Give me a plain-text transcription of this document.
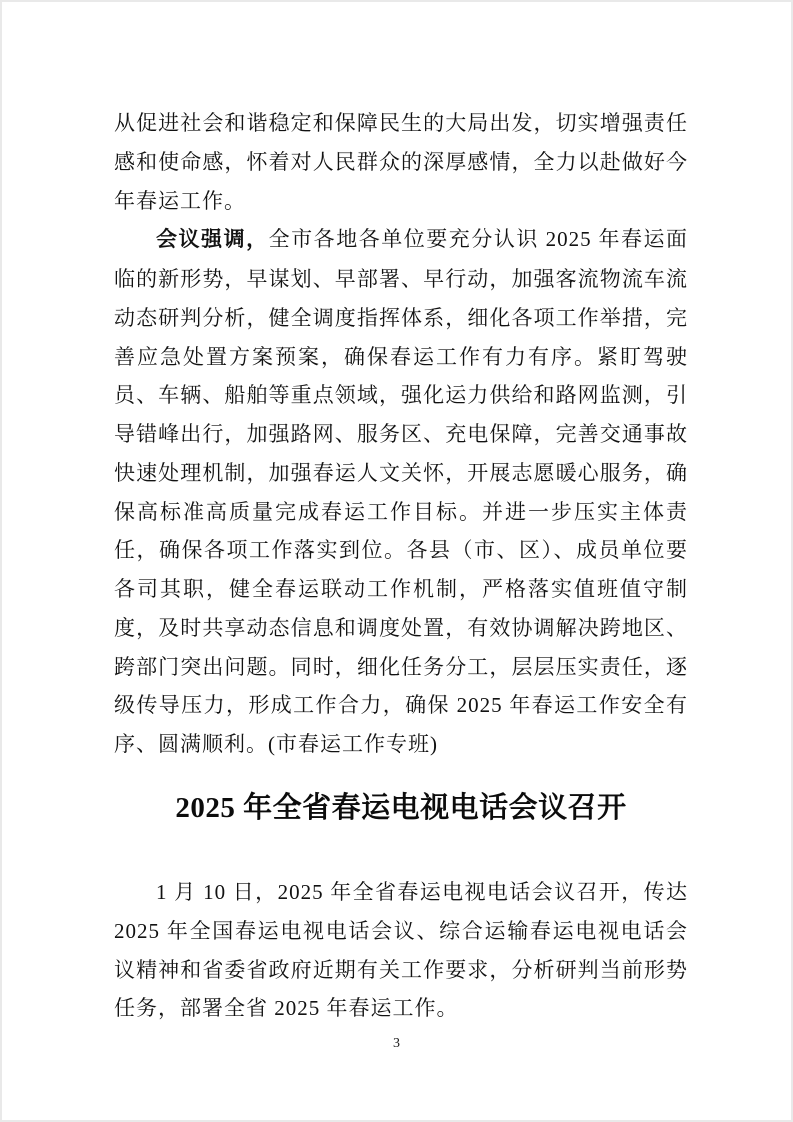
从促进社会和谐稳定和保障民生的大局出发，切实增强责任感和使命感，怀着对人民群众的深厚感情，全力以赴做好今年春运工作。

会议强调，全市各地各单位要充分认识 2025 年春运面临的新形势，早谋划、早部署、早行动，加强客流物流车流动态研判分析，健全调度指挥体系，细化各项工作举措，完善应急处置方案预案，确保春运工作有力有序。紧盯驾驶员、车辆、船舶等重点领域，强化运力供给和路网监测，引导错峰出行，加强路网、服务区、充电保障，完善交通事故快速处理机制，加强春运人文关怀，开展志愿暖心服务，确保高标准高质量完成春运工作目标。并进一步压实主体责任，确保各项工作落实到位。各县（市、区）、成员单位要各司其职，健全春运联动工作机制，严格落实值班值守制度，及时共享动态信息和调度处置，有效协调解决跨地区、跨部门突出问题。同时，细化任务分工，层层压实责任，逐级传导压力，形成工作合力，确保 2025 年春运工作安全有序、圆满顺利。(市春运工作专班)

2025 年全省春运电视电话会议召开

1 月 10 日，2025 年全省春运电视电话会议召开，传达 2025 年全国春运电视电话会议、综合运输春运电视电话会议精神和省委省政府近期有关工作要求，分析研判当前形势任务，部署全省 2025 年春运工作。

3
